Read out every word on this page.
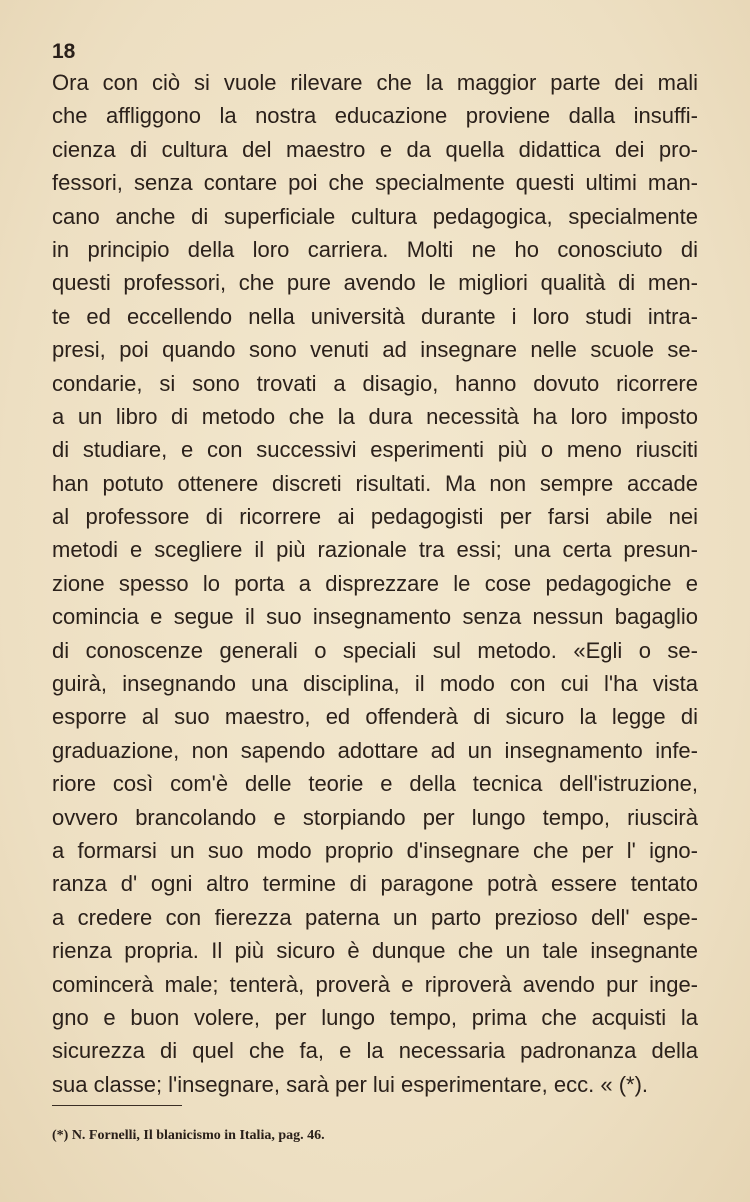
18
Ora con ciò si vuole rilevare che la maggior parte dei mali
che affliggono la nostra educazione proviene dalla insuffi-
cienza di cultura del maestro e da quella didattica dei pro-
fessori, senza contare poi che specialmente questi ultimi man-
cano anche di superficiale cultura pedagogica, specialmente
in principio della loro carriera. Molti ne ho conosciuto di
questi professori, che pure avendo le migliori qualità di men-
te ed eccellendo nella università durante i loro studi intra-
presi, poi quando sono venuti ad insegnare nelle scuole se-
condarie, si sono trovati a disagio, hanno dovuto ricorrere
a un libro di metodo che la dura necessità ha loro imposto
di studiare, e con successivi esperimenti più o meno riusciti
han potuto ottenere discreti risultati. Ma non sempre accade
al professore di ricorrere ai pedagogisti per farsi abile nei
metodi e scegliere il più razionale tra essi; una certa presun-
zione spesso lo porta a disprezzare le cose pedagogiche e
comincia e segue il suo insegnamento senza nessun bagaglio
di conoscenze generali o speciali sul metodo. «Egli o se-
guirà, insegnando una disciplina, il modo con cui l'ha vista
esporre al suo maestro, ed offenderà di sicuro la legge di
graduazione, non sapendo adottare ad un insegnamento infe-
riore così com'è delle teorie e della tecnica dell'istruzione,
ovvero brancolando e storpiando per lungo tempo, riuscirà
a formarsi un suo modo proprio d'insegnare che per l' igno-
ranza d' ogni altro termine di paragone potrà essere tentato
a credere con fierezza paterna un parto prezioso dell' espe-
rienza propria. Il più sicuro è dunque che un tale insegnante
comincerà male; tenterà, proverà e riproverà avendo pur inge-
gno e buon volere, per lungo tempo, prima che acquisti la
sicurezza di quel che fa, e la necessaria padronanza della
sua classe; l'insegnare, sarà per lui esperimentare, ecc. « (*).
(*) N. Fornelli, Il blanicismo in Italia, pag. 46.
